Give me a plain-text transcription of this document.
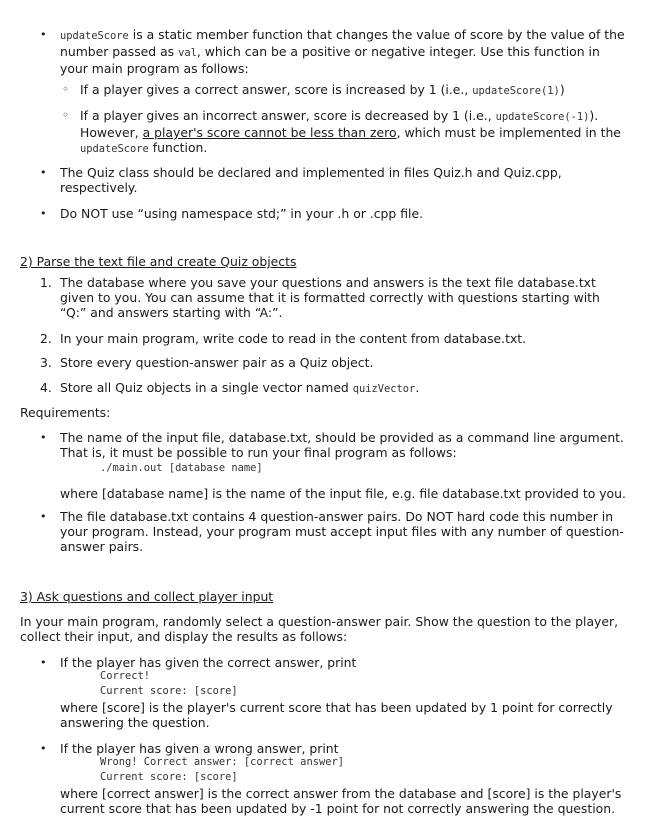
• updateScore is a static member function that changes the value of score by the value of the number passed as val, which can be a positive or negative integer. Use this function in your main program as follows:
◦ If a player gives a correct answer, score is increased by 1 (i.e., updateScore(1))
◦ If a player gives an incorrect answer, score is decreased by 1 (i.e., updateScore(-1)). However, a player's score cannot be less than zero, which must be implemented in the updateScore function.
• The Quiz class should be declared and implemented in files Quiz.h and Quiz.cpp, respectively.
• Do NOT use “using namespace std;” in your .h or .cpp file.
2) Parse the text file and create Quiz objects
1. The database where you save your questions and answers is the text file database.txt given to you. You can assume that it is formatted correctly with questions starting with “Q:” and answers starting with “A:”.
2. In your main program, write code to read in the content from database.txt.
3. Store every question-answer pair as a Quiz object.
4. Store all Quiz objects in a single vector named quizVector.
Requirements:
• The name of the input file, database.txt, should be provided as a command line argument. That is, it must be possible to run your final program as follows:
./main.out [database name]
where [database name] is the name of the input file, e.g. file database.txt provided to you.
• The file database.txt contains 4 question-answer pairs. Do NOT hard code this number in your program. Instead, your program must accept input files with any number of question-answer pairs.
3) Ask questions and collect player input
In your main program, randomly select a question-answer pair. Show the question to the player, collect their input, and display the results as follows:
• If the player has given the correct answer, print
Correct!
Current score: [score]
where [score] is the player's current score that has been updated by 1 point for correctly answering the question.
• If the player has given a wrong answer, print
Wrong! Correct answer: [correct answer]
Current score: [score]
where [correct answer] is the correct answer from the database and [score] is the player's current score that has been updated by -1 point for not correctly answering the question.
